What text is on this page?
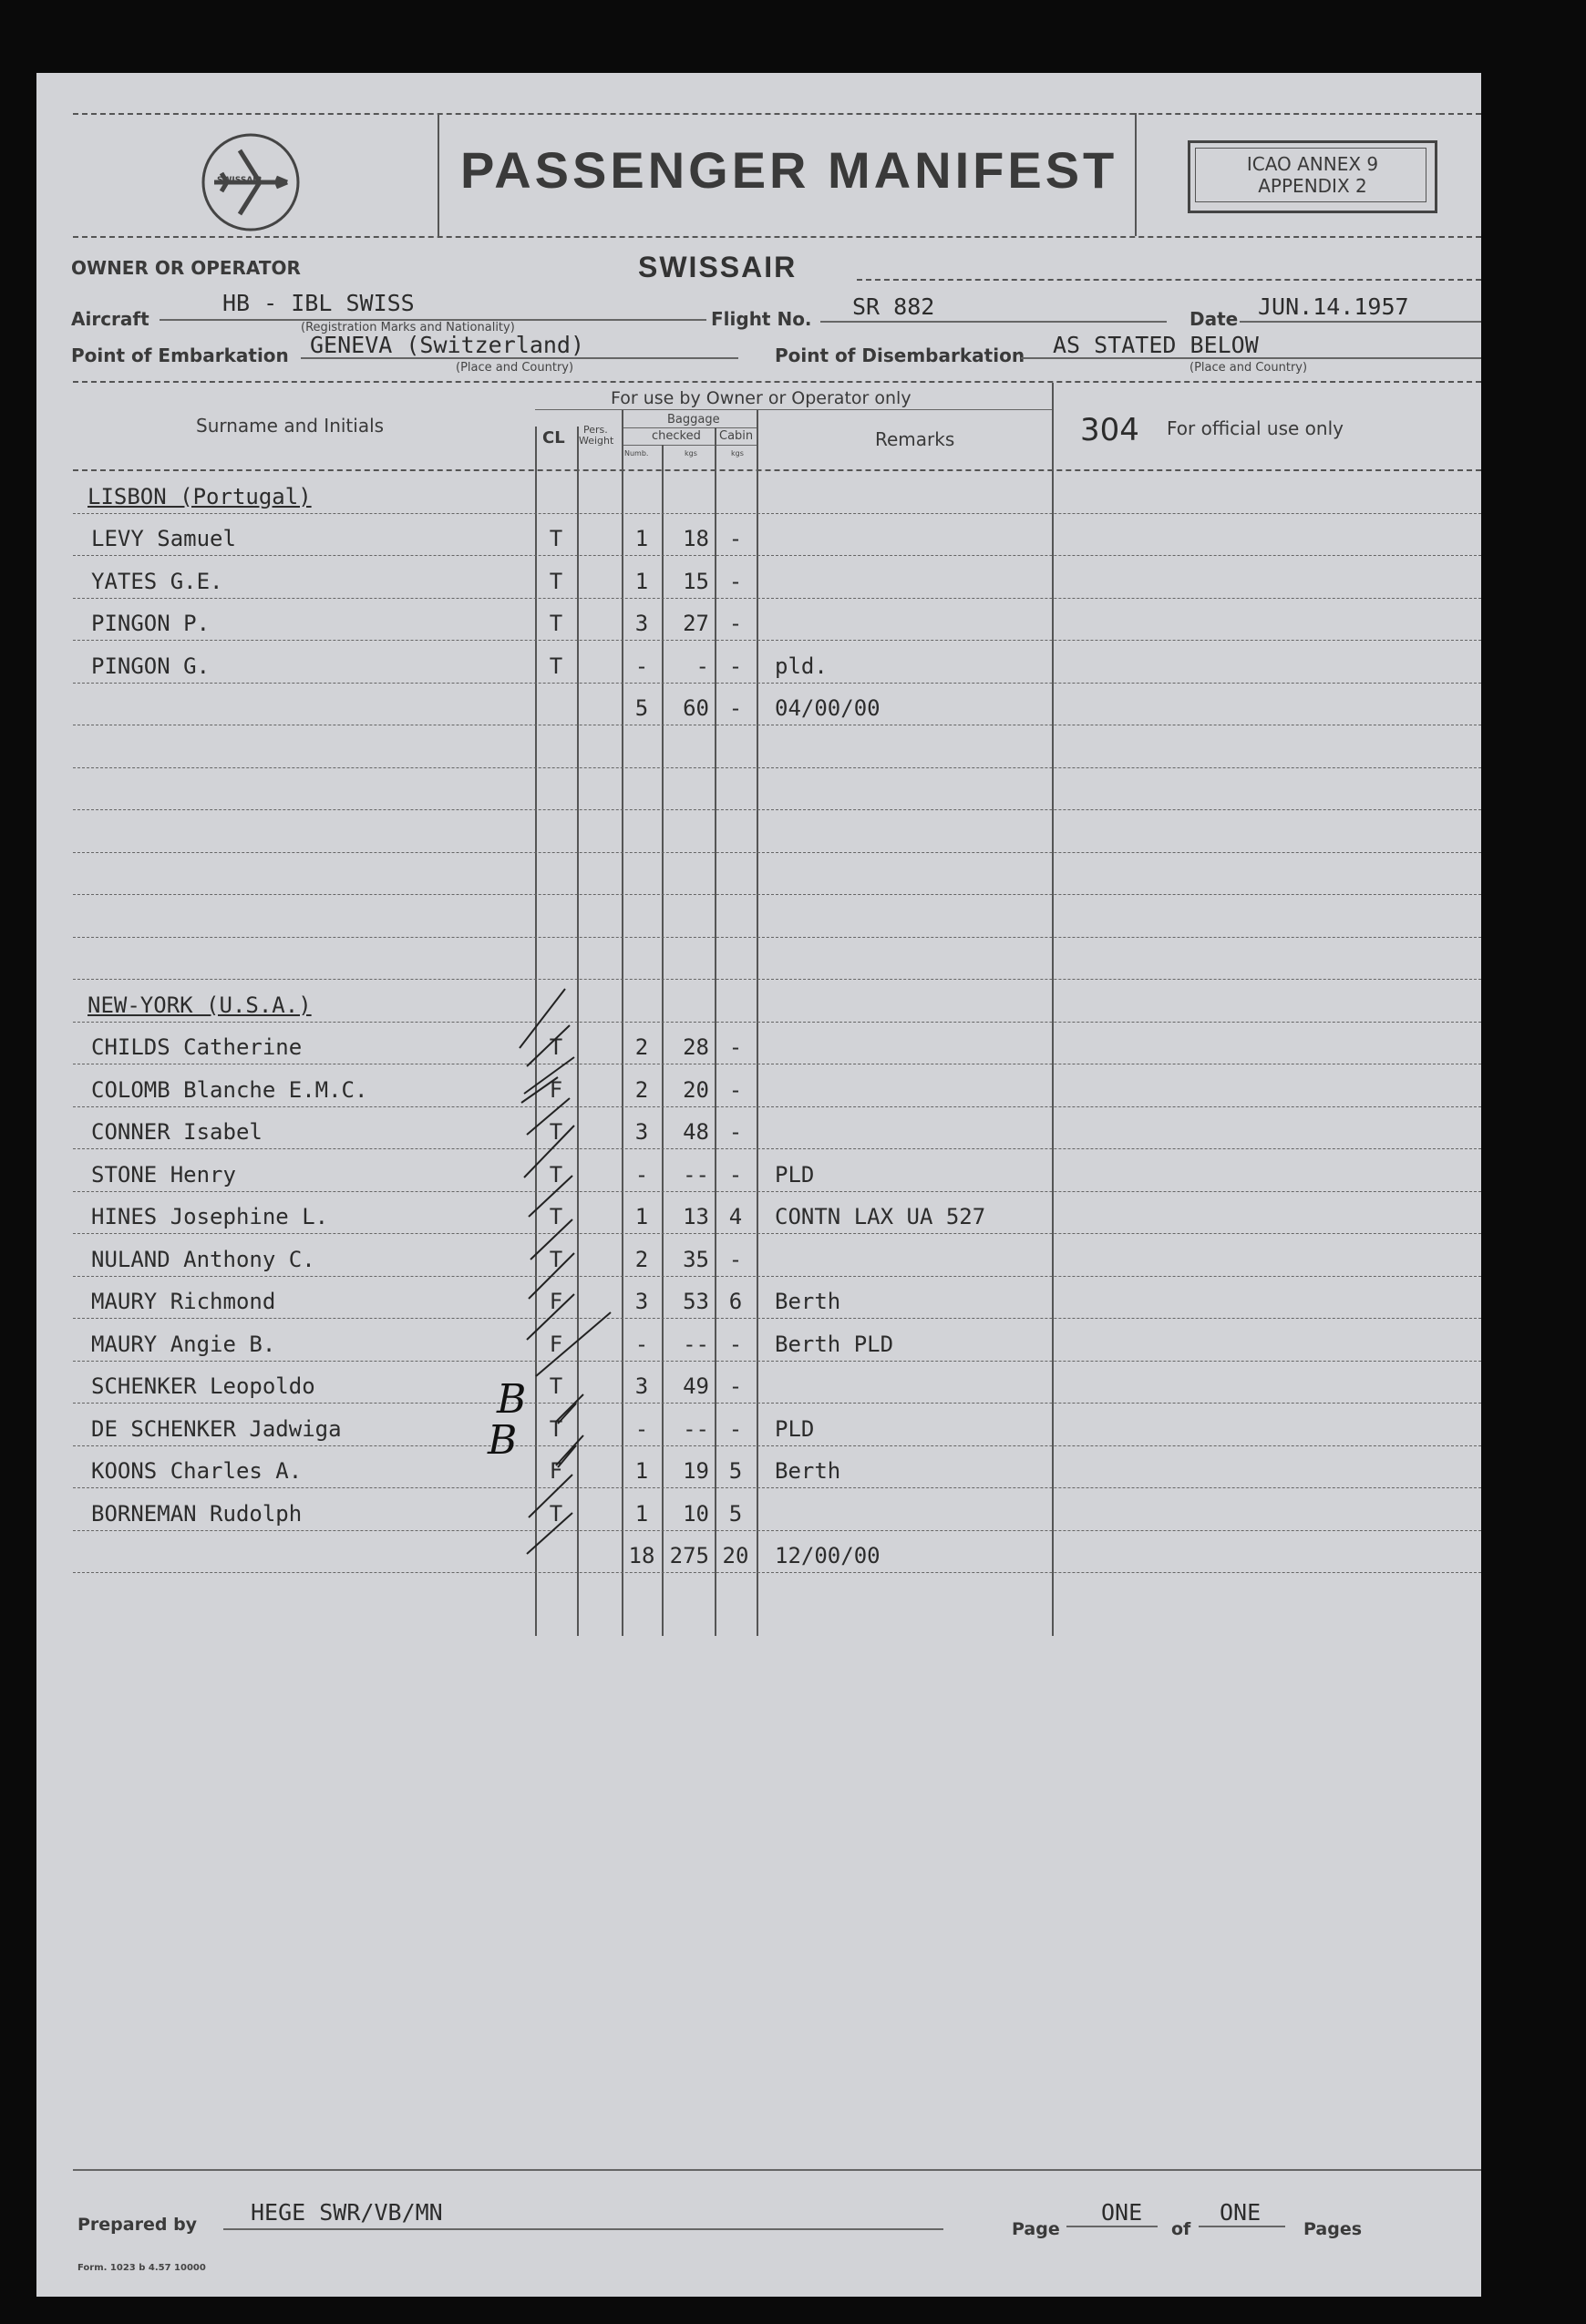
SWISSAIR	PASSENGER MANIFEST	ICAO ANNEX 9
APPENDIX 2
OWNER OR OPERATOR	SWISSAIR
Aircraft
HB - IBL SWISS
(Registration Marks and Nationality)	Flight No. SR 882	Date JUN.14.1957
Point of Embarkation GENEVA (Switzerland)
(Place and Country)
Point of Disembarkation AS STATED BELOW
(Place and Country)
Surname and Initials
For use by Owner or Operator only
CL Pers.
Weight
Baggage
checked Cabin
Numb.	kgs	kgs
Remarks	304 For official use only
LISBON (Portugal)
LEVY Samuel	T	1	18 -
YATES G.E.	T	1	15 -
PINGON P.	T	3	27 -
PINGON G.	T	-	- -	pld.
5	60 -	04/00/00
NEW-YORK (U.S.A.)
CHILDS Catherine	T	2	28 -
COLOMB Blanche E.M.C.	F	2	20 -
CONNER Isabel	T	3	48 -
STONE Henry	T	-	-- -	PLD
HINES Josephine L.	T	1	13 4	CONTN LAX UA 527
NULAND Anthony C.	T	2	35 -
MAURY Richmond	F	3	53 6	Berth
MAURY Angie B.	F	-	-- -	Berth PLD
SCHENKER Leopoldo	T	3	49 -
DE SCHENKER Jadwiga	T	-	-- -	PLD
KOONS Charles A.	F	1	19 5	Berth
BORNEMAN Rudolph	T	1	10 5
18 275 20	12/00/00
B
B
Prepared by HEGE SWR/VB/MN
Page
ONE
of
ONE
Pages
Form. 1023 b 4.57 10000
